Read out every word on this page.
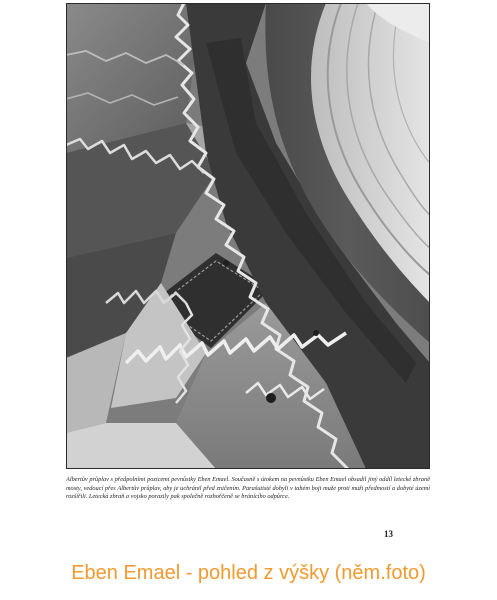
Albertův průplav s předpolními pozicemi pevnůstky Eben Emael. Současně s útokem na pevnůstku Eben Emael obsadil jiný oddíl letecké zbraně mosty, vedoucí přes Albertův průplav, aby je uchránil před zničením. Parašutisté dobyli v tahém boji muže proti muži předmostí a dobyté území rozšířili. Letecká zbraň a vojsko porazily pak společně rozhořčeně se bránícího odpůrce.

13
Eben Emael - pohled z výšky (něm.foto)
